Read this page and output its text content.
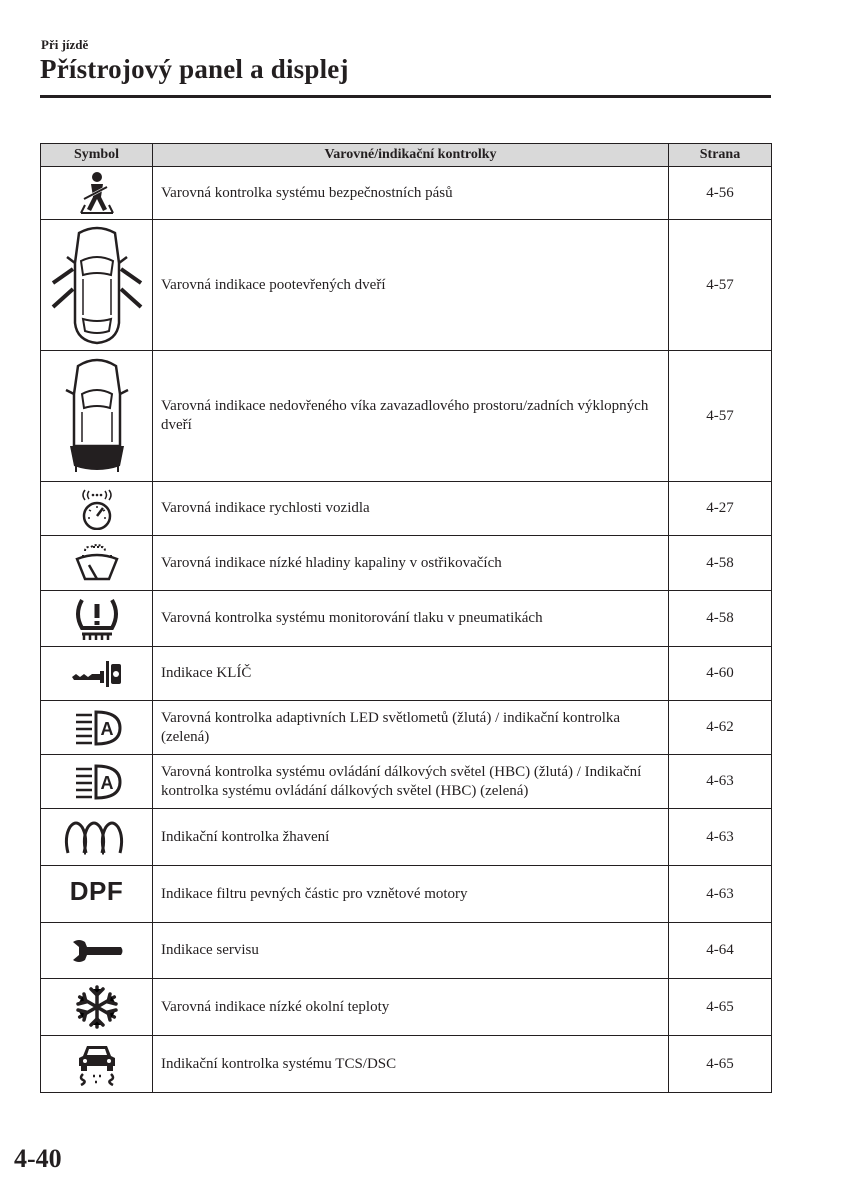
Při jízdě
Přístrojový panel a displej
Symbol	Varovné/indikační kontrolky	Strana

	Varovná kontrolka systému bezpečnostních pásů	4-56

	Varovná indikace pootevřených dveří	4-57

	Varovná indikace nedovřeného víka zavazadlového prostoru/zadních výklopných dveří	4-57

	Varovná indikace rychlosti vozidla	4-27

	Varovná indikace nízké hladiny kapaliny v ostřikovačích	4-58

	Varovná kontrolka systému monitorování tlaku v pneumatikách	4-58

	Indikace KLÍČ	4-60

A	Varovná kontrolka adaptivních LED světlometů (žlutá) / indikační kontrolka (zelená)	4-62

A	Varovná kontrolka systému ovládání dálkových světel (HBC) (žlutá) / Indikační kontrolka systému ovládání dálkových světel (HBC) (zelená)	4-63

	Indikační kontrolka žhavení	4-63
DPF	Indikace filtru pevných částic pro vznětové motory	4-63

	Indikace servisu	4-64

	Varovná indikace nízké okolní teploty	4-65

	Indikační kontrolka systému TCS/DSC	4-65
4-40
